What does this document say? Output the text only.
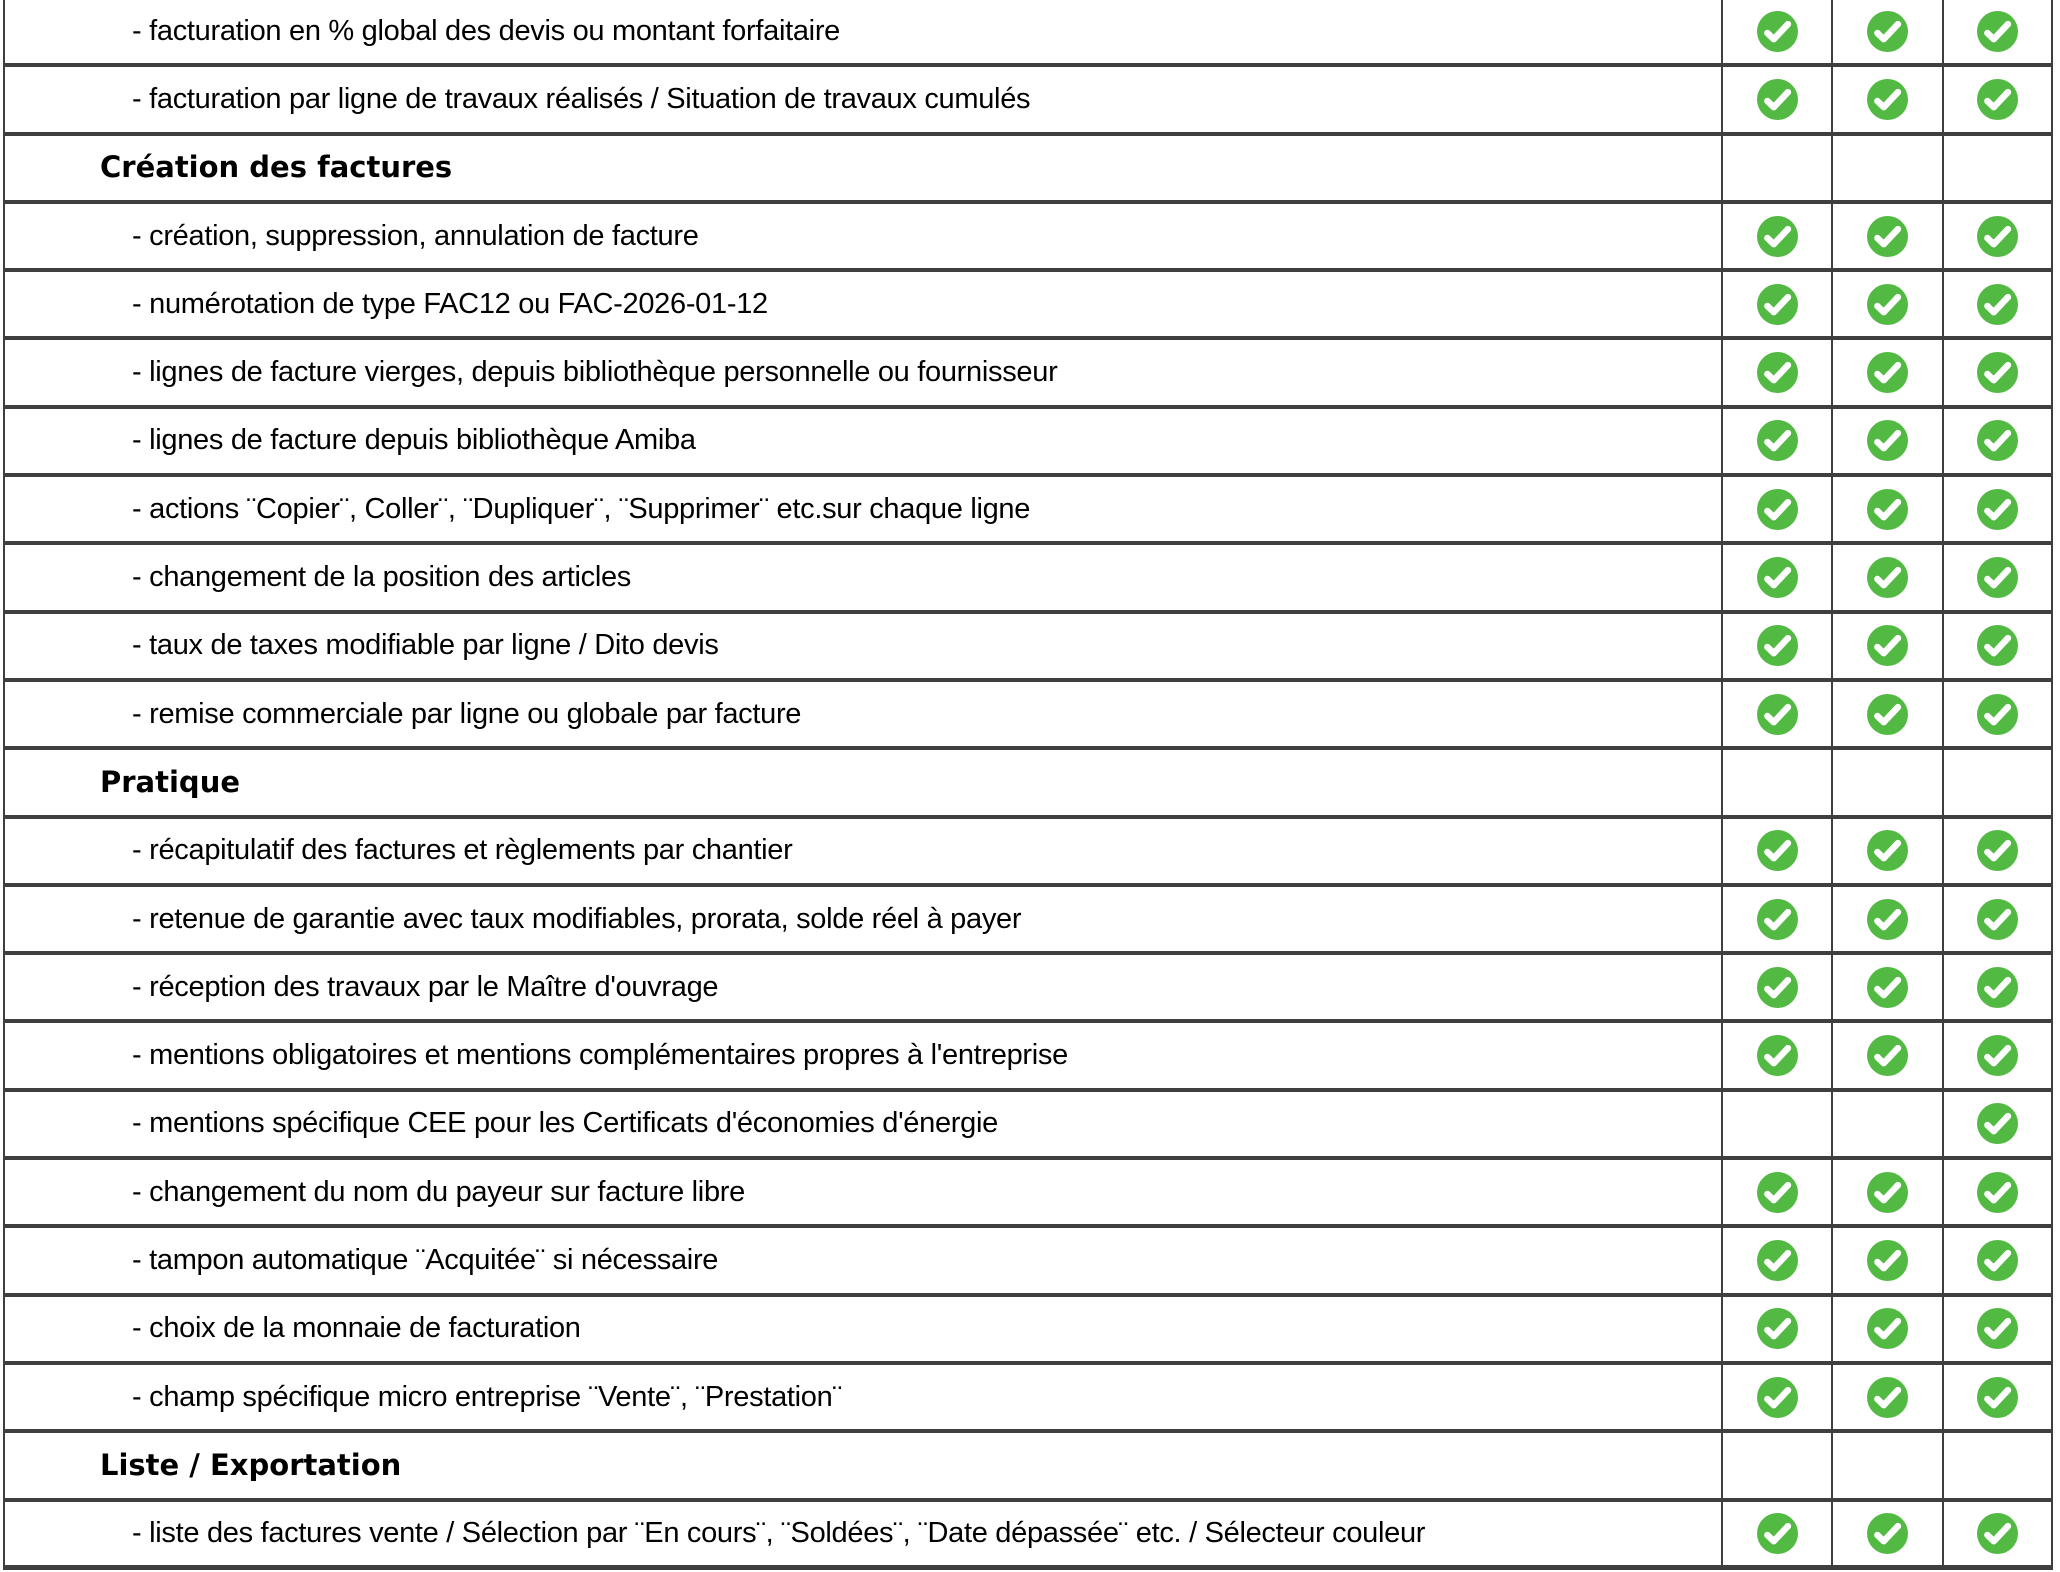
- facturation en % global des devis ou montant forfaitaire
- facturation par ligne de travaux réalisés / Situation de travaux cumulés
Création des factures
- création, suppression, annulation de facture
- numérotation de type FAC12 ou FAC-2026-01-12
- lignes de facture vierges, depuis bibliothèque personnelle ou fournisseur
- lignes de facture depuis bibliothèque Amiba
- actions ¨Copier¨, Coller¨, ¨Dupliquer¨, ¨Supprimer¨ etc.sur chaque ligne
- changement de la position des articles
- taux de taxes modifiable par ligne / Dito devis
- remise commerciale par ligne ou globale par facture
Pratique
- récapitulatif des factures et règlements par chantier
- retenue de garantie avec taux modifiables, prorata, solde réel à payer
- réception des travaux par le Maître d'ouvrage
- mentions obligatoires et mentions complémentaires propres à l'entreprise
- mentions spécifique CEE pour les Certificats d'économies d'énergie
- changement du nom du payeur sur facture libre
- tampon automatique ¨Acquitée¨ si nécessaire
- choix de la monnaie de facturation
- champ spécifique micro entreprise ¨Vente¨, ¨Prestation¨
Liste / Exportation
- liste des factures vente / Sélection par ¨En cours¨, ¨Soldées¨, ¨Date dépassée¨ etc. / Sélecteur couleur
